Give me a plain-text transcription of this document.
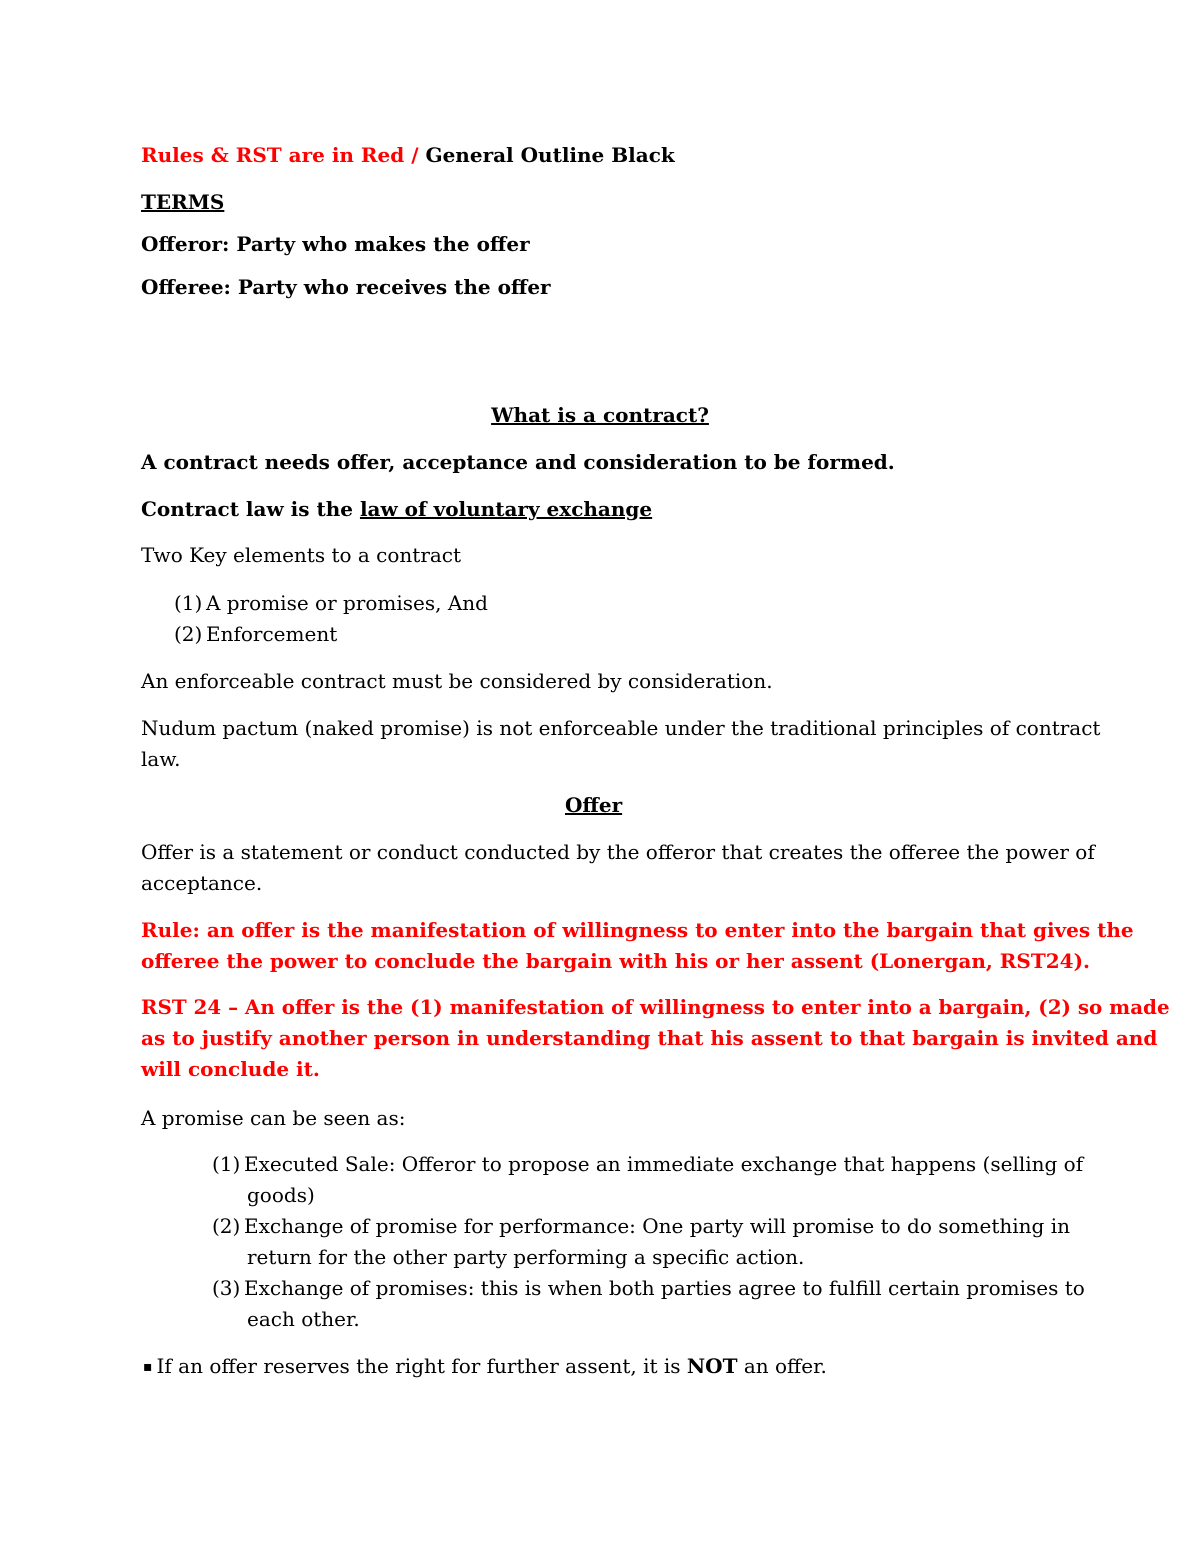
Rules & RST are in Red / General Outline Black

TERMS

Offeror: Party who makes the offer

Offeree: Party who receives the offer

What is a contract?

A contract needs offer, acceptance and consideration to be formed.

Contract law is the law of voluntary exchange

Two Key elements to a contract

(1) A promise or promises, And

(2) Enforcement

An enforceable contract must be considered by consideration.

Nudum pactum (naked promise) is not enforceable under the traditional principles of contract

law.

Offer

Offer is a statement or conduct conducted by the offeror that creates the offeree the power of

acceptance.

Rule: an offer is the manifestation of willingness to enter into the bargain that gives the

offeree the power to conclude the bargain with his or her assent (Lonergan, RST24).

RST 24 – An offer is the (1) manifestation of willingness to enter into a bargain, (2) so made

as to justify another person in understanding that his assent to that bargain is invited and

will conclude it.

A promise can be seen as:

(1) Executed Sale: Offeror to propose an immediate exchange that happens (selling of

goods)

(2) Exchange of promise for performance: One party will promise to do something in

return for the other party performing a specific action.

(3) Exchange of promises: this is when both parties agree to fulfill certain promises to

each other.

▪ If an offer reserves the right for further assent, it is NOT an offer.
